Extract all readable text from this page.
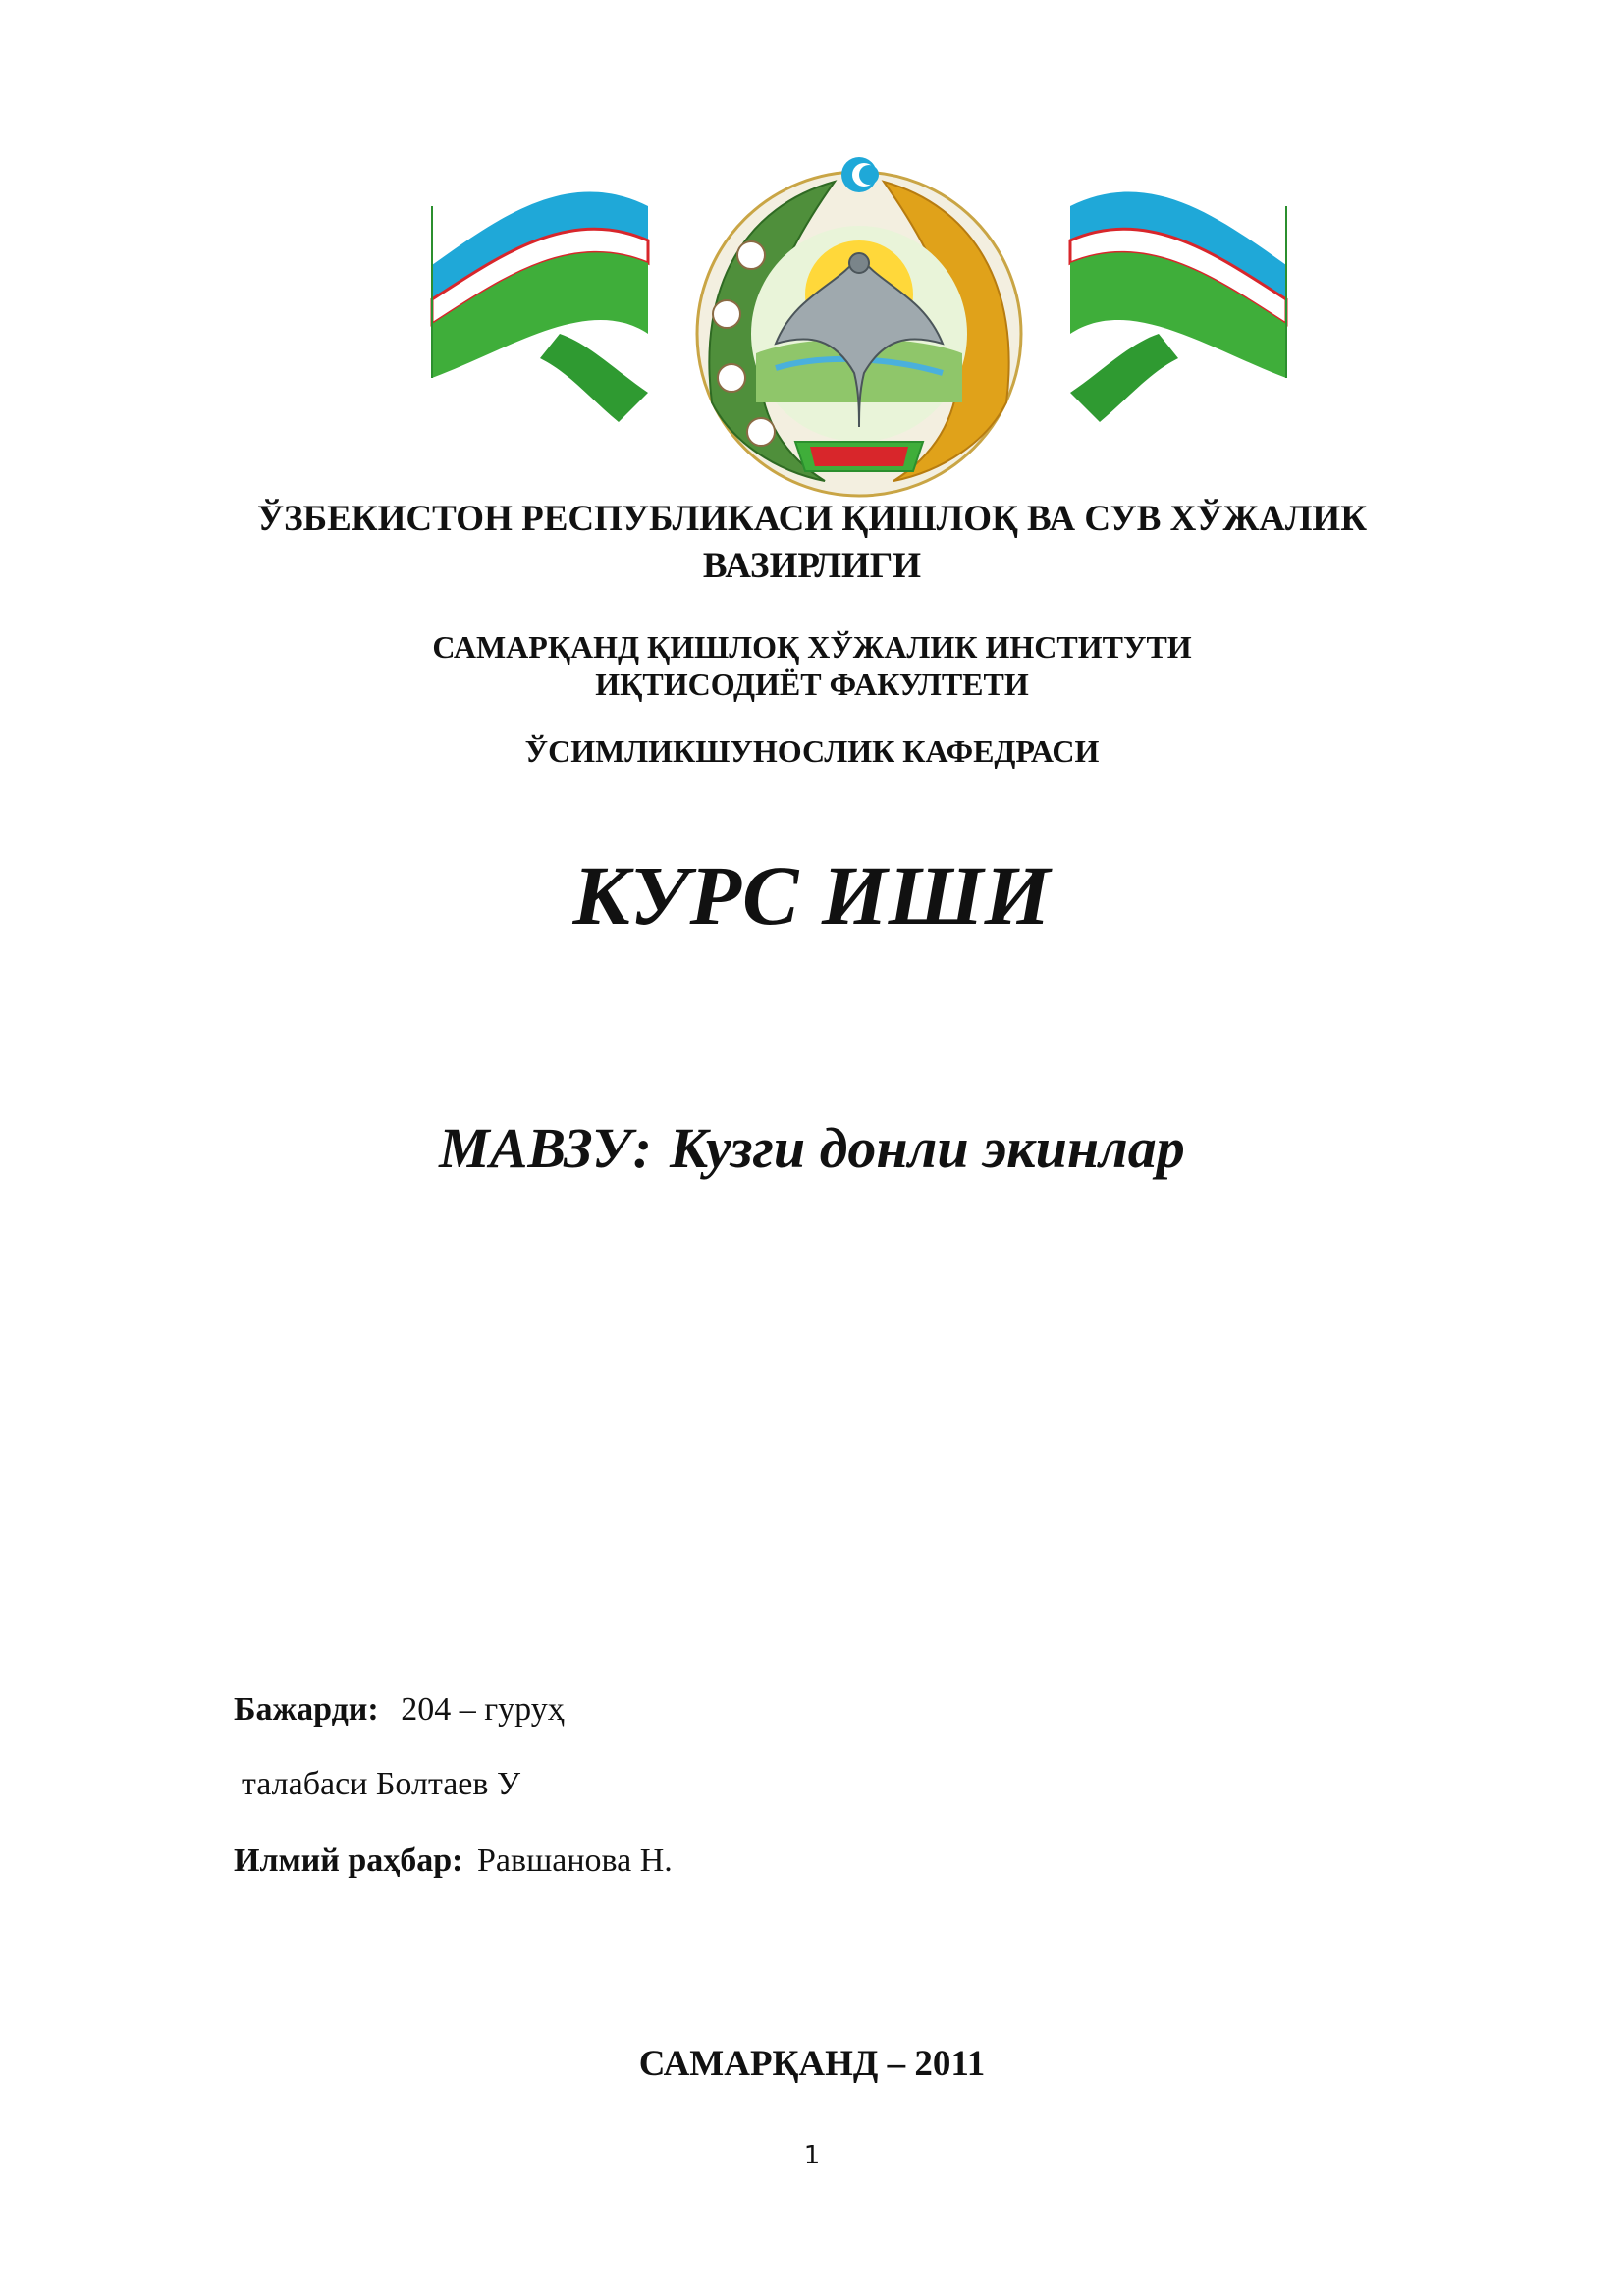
ЎЗБЕКИСТОН РЕСПУБЛИКАСИ ҚИШЛОҚ ВА СУВ ХЎЖАЛИК
ВАЗИРЛИГИ
САМАРҚАНД ҚИШЛОҚ ХЎЖАЛИК ИНСТИТУТИ
ИҚТИСОДИЁТ ФАКУЛТЕТИ
ЎСИМЛИКШУНОСЛИК КАФЕДРАСИ
КУРС ИШИ
МАВЗУ: Кузги донли экинлар
Бажарди: 204 – гуруҳ
талабаси Болтаев У
Илмий раҳбар: Равшанова Н.
САМАРҚАНД – 2011
1
